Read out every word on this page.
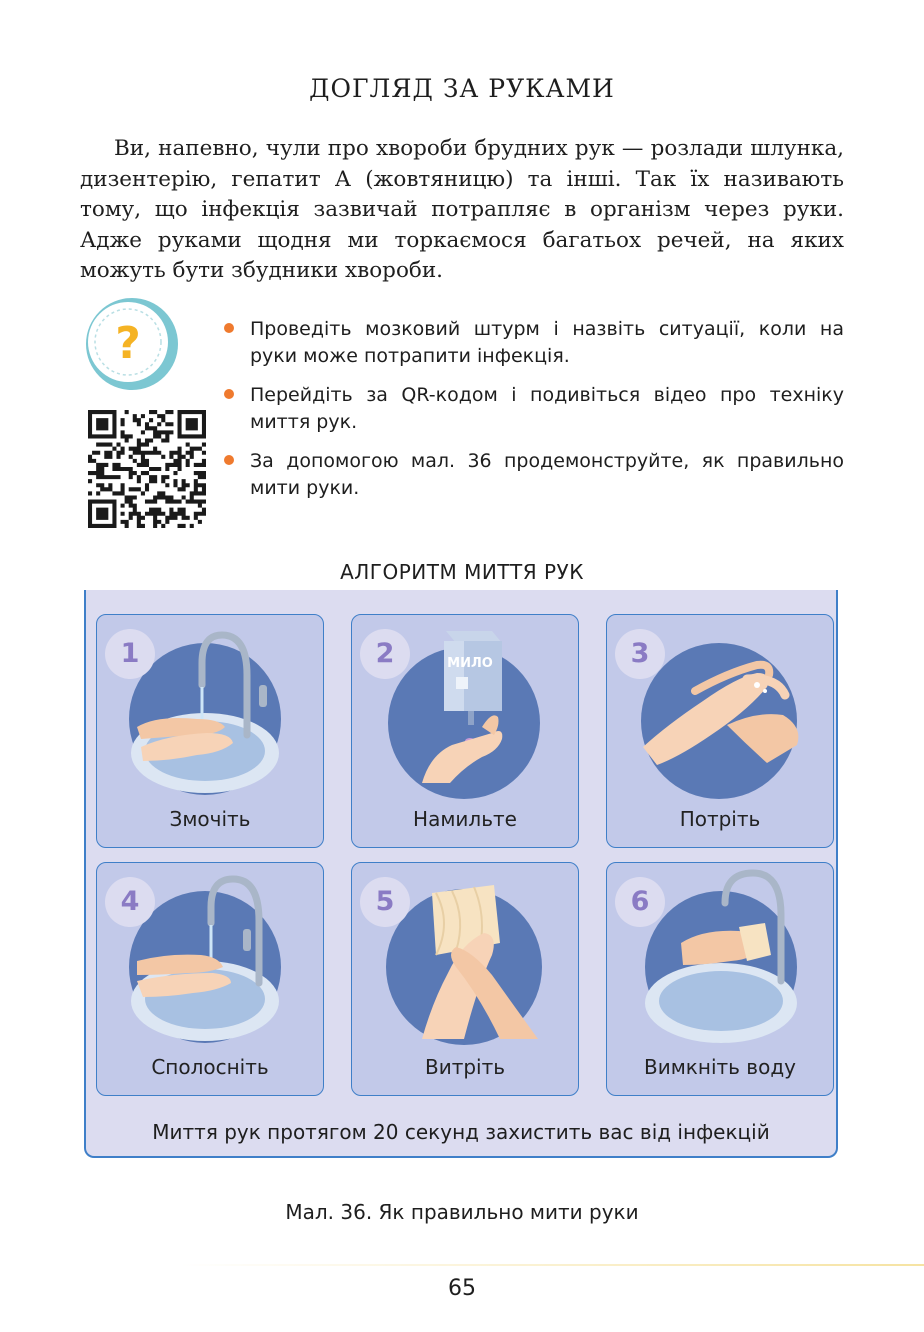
ДОГЛЯД ЗА РУКАМИ

Ви, напевно, чули про хвороби брудних рук — розлади шлунка, дизентерію, гепатит А (жовтяницю) та інші. Так їх називають тому, що інфекція зазвичай потрапляє в організм через руки. Адже руками щодня ми торкаємося багатьох речей, на яких можуть бути збудники хвороби.

?	Проведіть мозковий штурм і назвіть ситуації, коли на руки може потрапити інфекція.
Перейдіть за QR-кодом і подивіться відео про техніку миття рук.
За допомогою мал. 36 продемонструйте, як правильно мити руки.
АЛГОРИТМ МИТТЯ РУК
1
Змочіть
МИЛО
2
Намильте
3
Потріть
4
Сполосніть
5
Витріть
6
Вимкніть воду
Миття рук протягом 20 секунд захистить вас від інфекцій
Мал. 36. Як правильно мити руки
65
